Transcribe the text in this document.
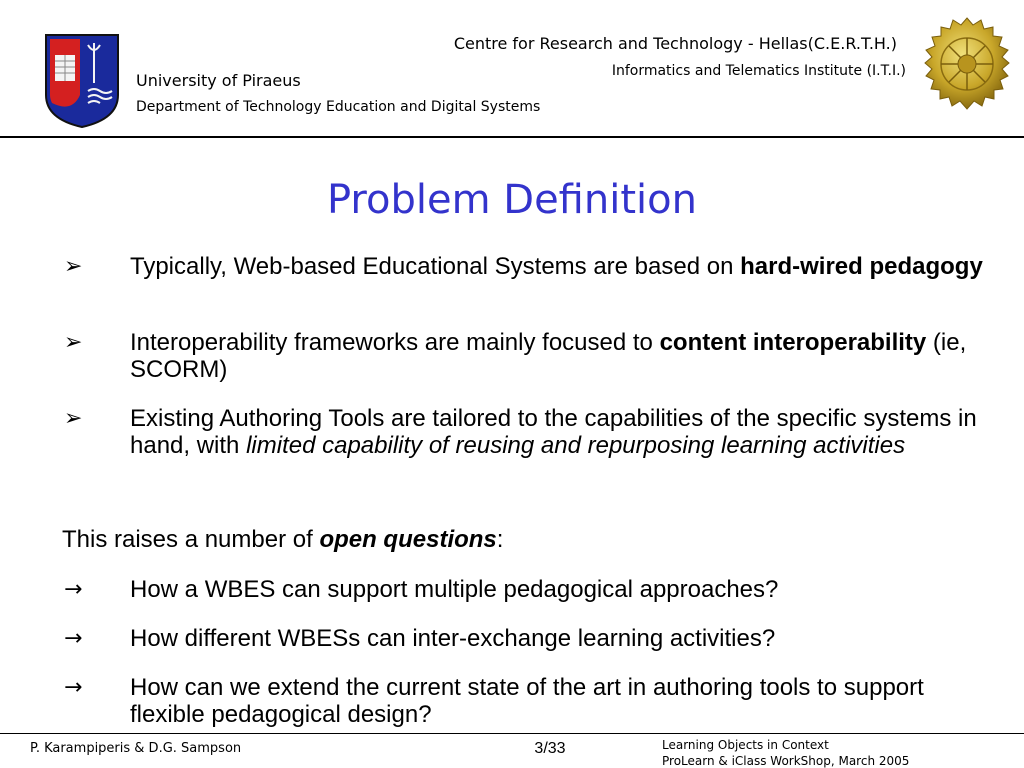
University of Piraeus
Department of Technology Education and Digital Systems
Centre for Research and Technology - Hellas(C.E.R.T.H.)
Informatics and Telematics Institute (I.T.I.)
Problem Definition
➢	Typically, Web-based Educational Systems are based on hard-wired pedagogy
➢	Interoperability frameworks are mainly focused to content interoperability (ie, SCORM)
➢	Existing Authoring Tools are tailored to the capabilities of the specific systems in hand, with limited capability of reusing and repurposing learning activities
This raises a number of open questions:
→	How a WBES can support multiple pedagogical approaches?
→	How different WBESs can inter-exchange learning activities?
→	How can we extend the current state of the art in authoring tools to support flexible pedagogical design?
P. Karampiperis & D.G. Sampson	3/33	Learning Objects in Context
ProLearn & iClass WorkShop, March 2005
